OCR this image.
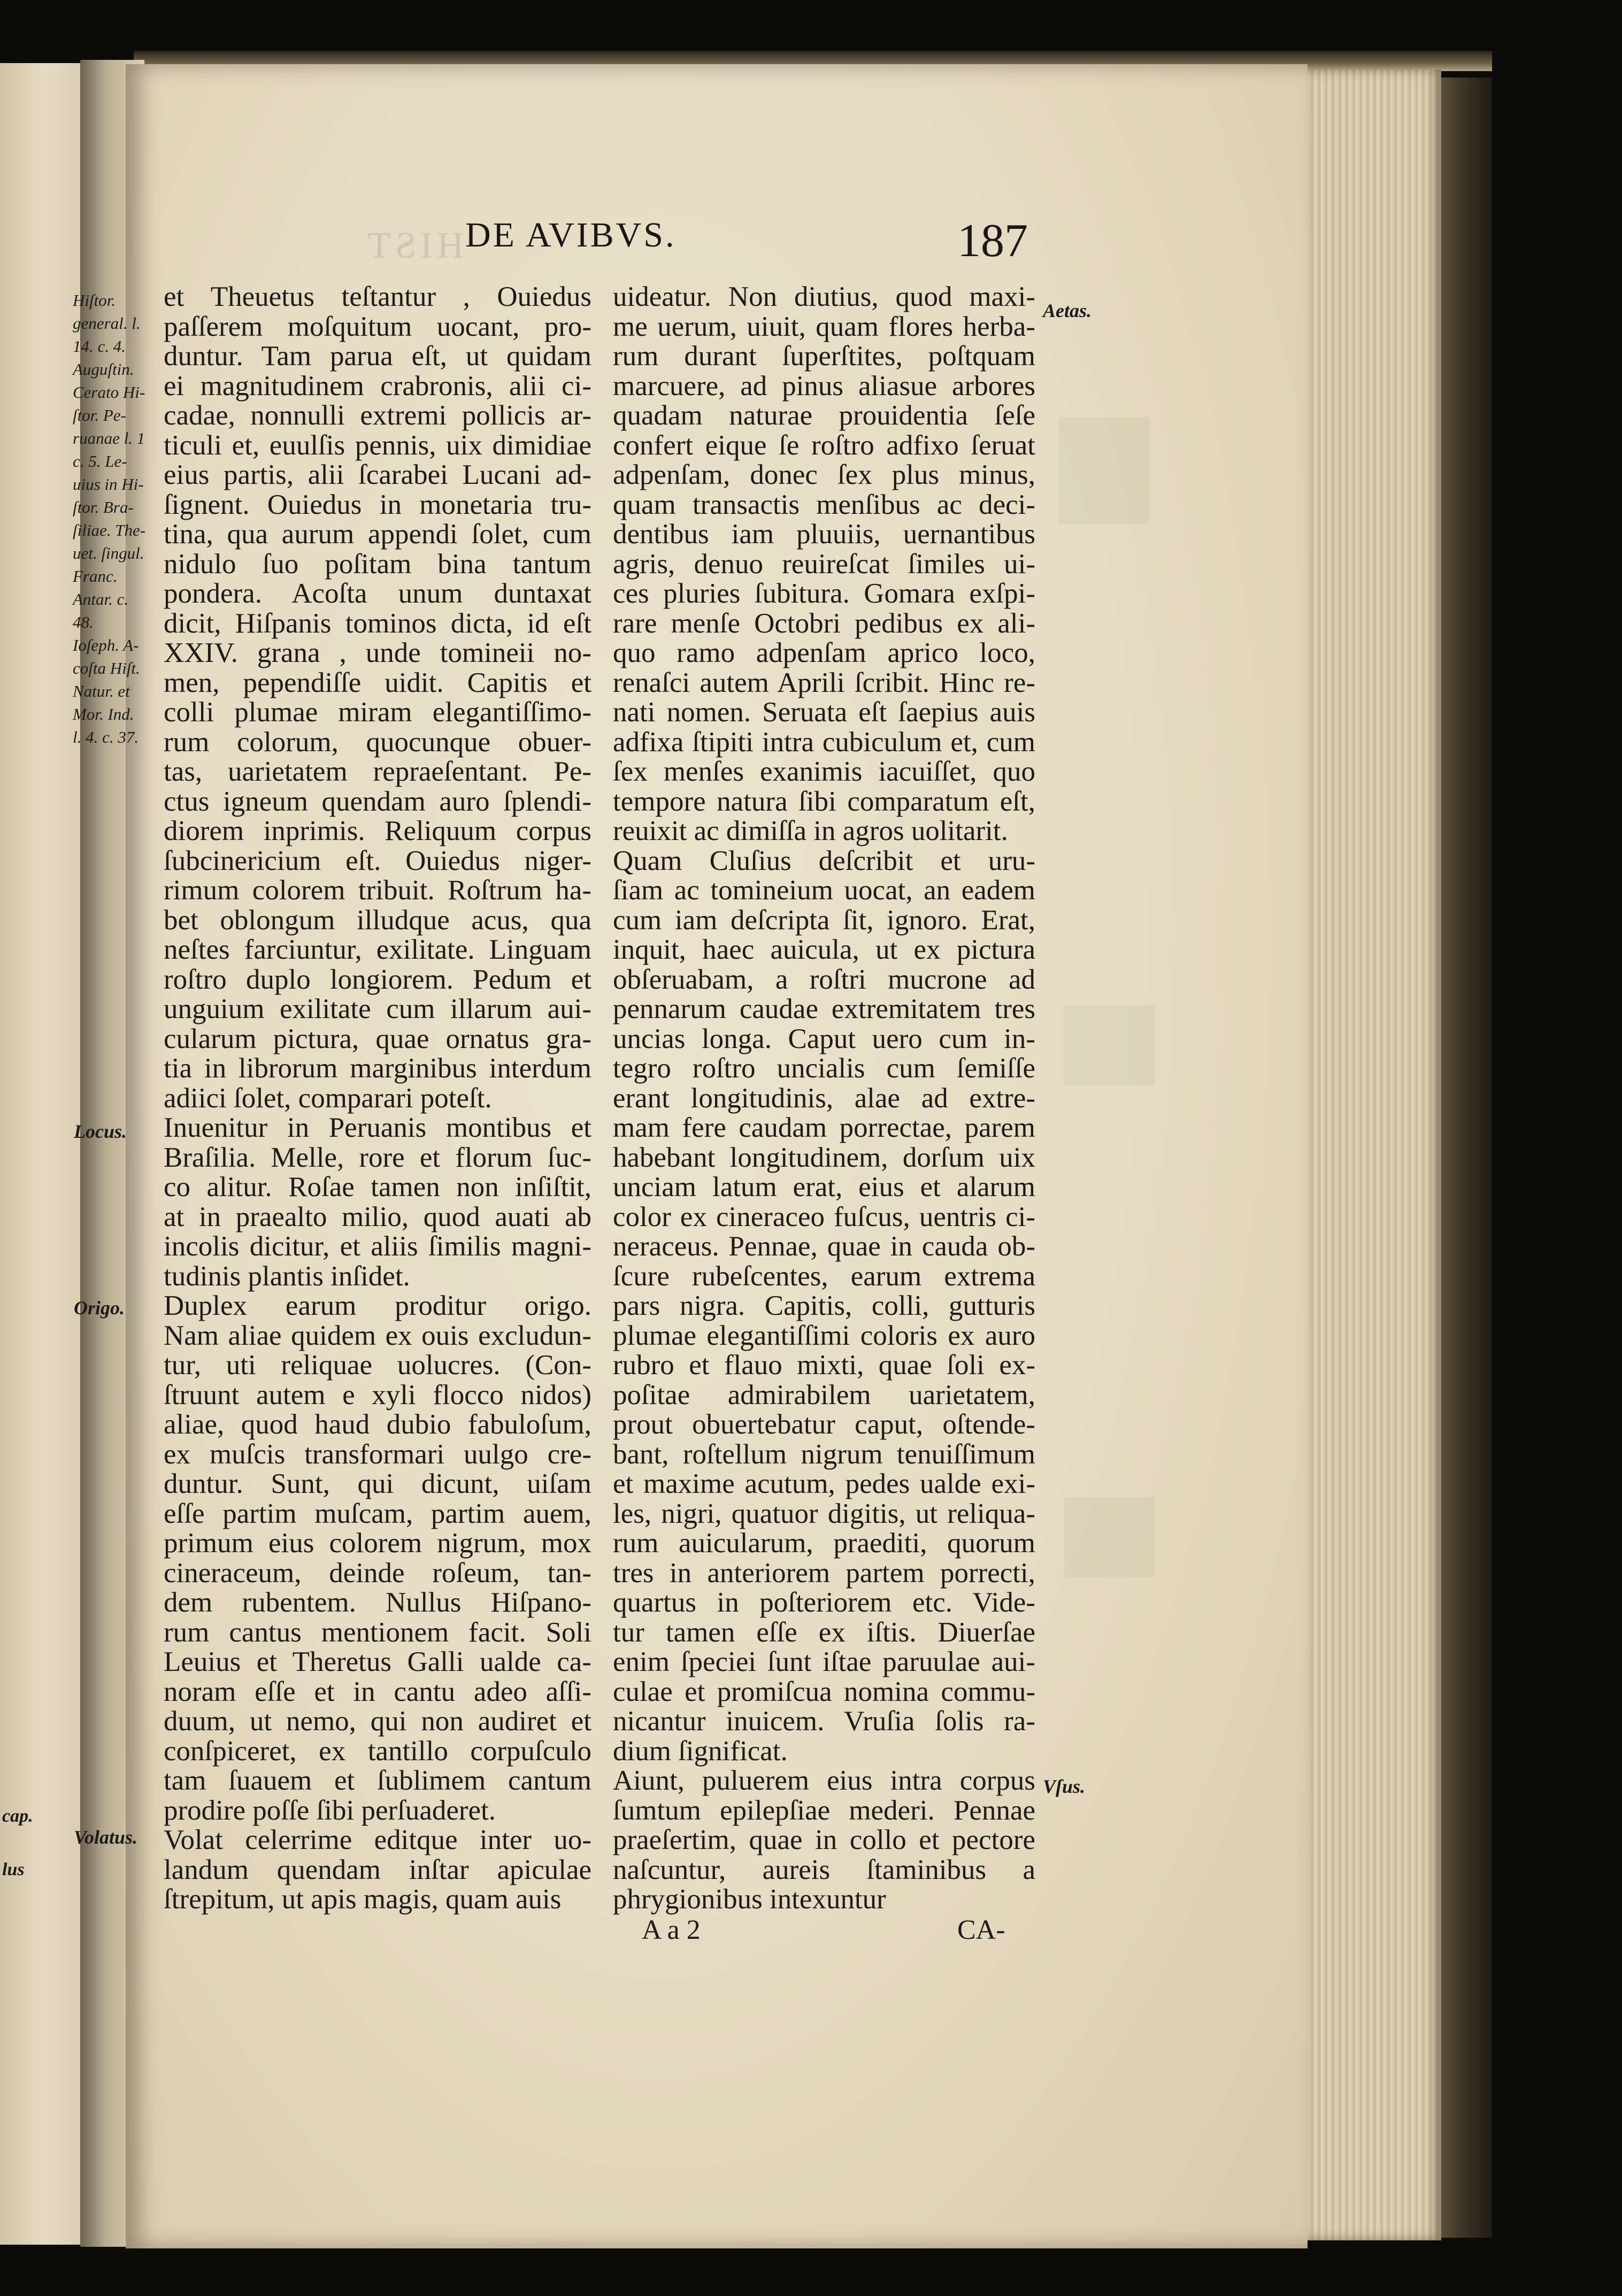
cap.
lus
HIST DE AVIBVS.	187
Hiſtor.
general. l.
14. c. 4.
Auguſtin.
Cerato Hi-
ſtor. Pe-
ruanae l. 1
c. 5. Le-
uius in Hi-
ſtor. Bra-
ſiliae. The-
uet. ſingul.
Franc.
Antar. c.
48.
Ioſeph. A-
coſta Hiſt.
Natur. et
Mor. Ind.
l. 4. c. 37.
Locus.
Origo.
Volatus.
Aetas.
Vſus.
et Theuetus teſtantur , Ouiedus
paſſerem moſquitum uocant, pro-
duntur. Tam parua eſt, ut quidam
ei magnitudinem crabronis, alii ci-
cadae, nonnulli extremi pollicis ar-
ticuli et, euulſis pennis, uix dimidiae
eius partis, alii ſcarabei Lucani ad-
ſignent. Ouiedus in monetaria tru-
tina, qua aurum appendi ſolet, cum
nidulo ſuo poſitam bina tantum
pondera. Acoſta unum duntaxat
dicit, Hiſpanis tominos dicta, id eſt
XXIV. grana , unde tomineii no-
men, pependiſſe uidit. Capitis et
colli plumae miram elegantiſſimo-
rum colorum, quocunque obuer-
tas, uarietatem repraeſentant. Pe-
ctus igneum quendam auro ſplendi-
diorem inprimis. Reliquum corpus
ſubcinericium eſt. Ouiedus niger-
rimum colorem tribuit. Roſtrum ha-
bet oblongum illudque acus, qua
neſtes farciuntur, exilitate. Linguam
roſtro duplo longiorem. Pedum et
unguium exilitate cum illarum aui-
cularum pictura, quae ornatus gra-
tia in librorum marginibus interdum
adiici ſolet, comparari poteſt.
Inuenitur in Peruanis montibus et
Braſilia. Melle, rore et florum ſuc-
co alitur. Roſae tamen non inſiſtit,
at in praealto milio, quod auati ab
incolis dicitur, et aliis ſimilis magni-
tudinis plantis inſidet.
Duplex earum proditur origo.
Nam aliae quidem ex ouis excludun-
tur, uti reliquae uolucres. (Con-
ſtruunt autem e xyli flocco nidos)
aliae, quod haud dubio fabuloſum,
ex muſcis transformari uulgo cre-
duntur. Sunt, qui dicunt, uiſam
eſſe partim muſcam, partim auem,
primum eius colorem nigrum, mox
cineraceum, deinde roſeum, tan-
dem rubentem. Nullus Hiſpano-
rum cantus mentionem facit. Soli
Leuius et Theretus Galli ualde ca-
noram eſſe et in cantu adeo aſſi-
duum, ut nemo, qui non audiret et
conſpiceret, ex tantillo corpuſculo
tam ſuauem et ſublimem cantum
prodire poſſe ſibi perſuaderet.
Volat celerrime editque inter uo-
landum quendam inſtar apiculae
ſtrepitum, ut apis magis, quam auis
uideatur. Non diutius, quod maxi-
me uerum, uiuit, quam flores herba-
rum durant ſuperſtites, poſtquam
marcuere, ad pinus aliasue arbores
quadam naturae prouidentia ſeſe
confert eique ſe roſtro adfixo ſeruat
adpenſam, donec ſex plus minus,
quam transactis menſibus ac deci-
dentibus iam pluuiis, uernantibus
agris, denuo reuireſcat ſimiles ui-
ces pluries ſubitura. Gomara exſpi-
rare menſe Octobri pedibus ex ali-
quo ramo adpenſam aprico loco,
renaſci autem Aprili ſcribit. Hinc re-
nati nomen. Seruata eſt ſaepius auis
adfixa ſtipiti intra cubiculum et, cum
ſex menſes exanimis iacuiſſet, quo
tempore natura ſibi comparatum eſt,
reuixit ac dimiſſa in agros uolitarit.
Quam Cluſius deſcribit et uru-
ſiam ac tomineium uocat, an eadem
cum iam deſcripta ſit, ignoro. Erat,
inquit, haec auicula, ut ex pictura
obſeruabam, a roſtri mucrone ad
pennarum caudae extremitatem tres
uncias longa. Caput uero cum in-
tegro roſtro uncialis cum ſemiſſe
erant longitudinis, alae ad extre-
mam fere caudam porrectae, parem
habebant longitudinem, dorſum uix
unciam latum erat, eius et alarum
color ex cineraceo fuſcus, uentris ci-
neraceus. Pennae, quae in cauda ob-
ſcure rubeſcentes, earum extrema
pars nigra. Capitis, colli, gutturis
plumae elegantiſſimi coloris ex auro
rubro et flauo mixti, quae ſoli ex-
poſitae admirabilem uarietatem,
prout obuertebatur caput, oſtende-
bant, roſtellum nigrum tenuiſſimum
et maxime acutum, pedes ualde exi-
les, nigri, quatuor digitis, ut reliqua-
rum auicularum, praediti, quorum
tres in anteriorem partem porrecti,
quartus in poſteriorem etc. Vide-
tur tamen eſſe ex iſtis. Diuerſae
enim ſpeciei ſunt iſtae paruulae aui-
culae et promiſcua nomina commu-
nicantur inuicem. Vruſia ſolis ra-
dium ſignificat.
Aiunt, puluerem eius intra corpus
ſumtum epilepſiae mederi. Pennae
praeſertim, quae in collo et pectore
naſcuntur, aureis ſtaminibus a
phrygionibus intexuntur
A a 2	CA-
